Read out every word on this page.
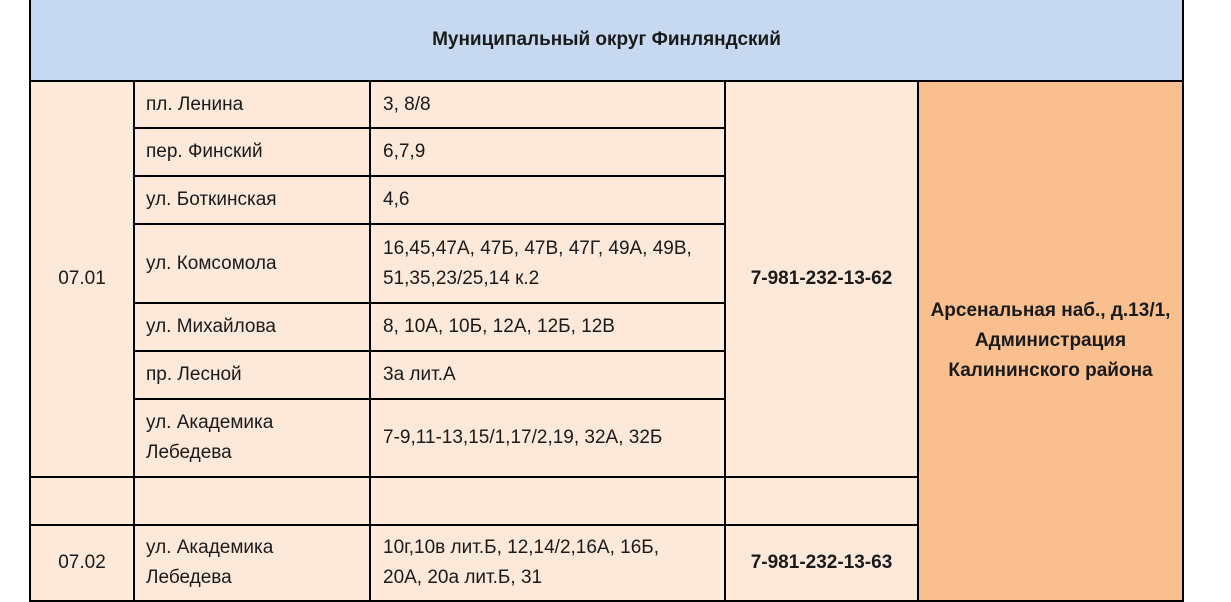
Муниципальный округ Финляндский				
07.01	пл. Ленина	3, 8/8	7-981-232-13-62	Арсенальная наб., д.13/1, Администрация Калининского района

	пер. Финский	6,7,9		
	ул. Боткинская	4,6		
	ул. Комсомола	16,45,47А, 47Б, 47В, 47Г, 49А, 49В, 51,35,23/25,14 к.2		
	ул. Михайлова	8, 10А, 10Б, 12А, 12Б, 12В		
	пр. Лесной	3а лит.А		

	ул. Академика Лебедева	7-9,11-13,15/1,17/2,19, 32А, 32Б		

07.02	ул. Академика Лебедева	10г,10в лит.Б, 12,14/2,16А, 16Б, 20А, 20а лит.Б, 31	7-981-232-13-63	
